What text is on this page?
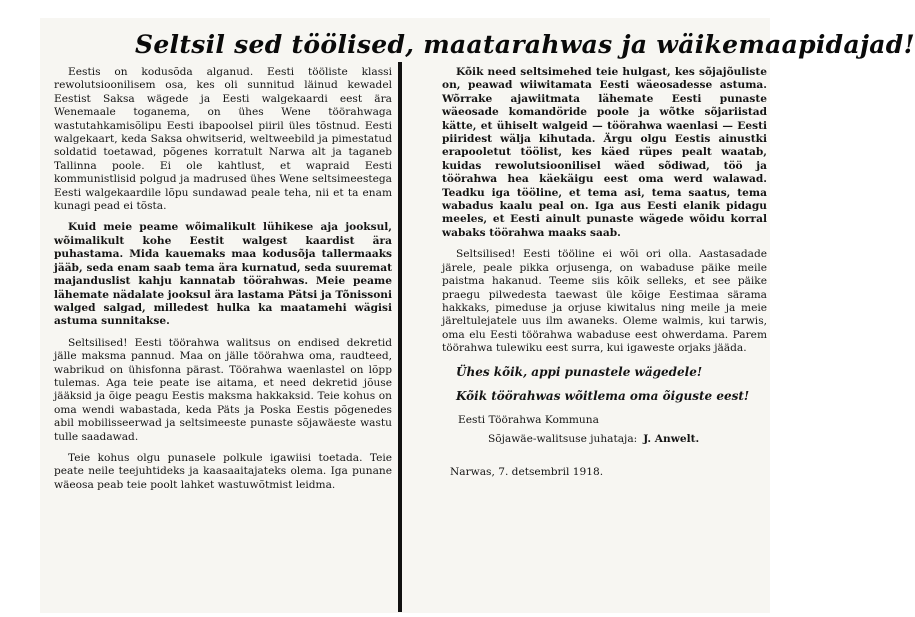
Seltsil sed töölised, maatarahwas ja wäikemaapidajad!

Eestis on kodusõda alganud. Eesti tööliste klassi rewolutsioonilisem osa, kes oli sunnitud läinud kewadel Eestist Saksa wägede ja Eesti walgekaardi eest ära Wenemaale toganema, on ühes Wene töörahwaga wastutahkamisõlipu Eesti ibapoolsel piiril üles tõstnud. Eesti walgekaart, keda Saksa ohwitserid, weltweebild ja pimestatud soldatid toetawad, põgenes korratult Narwa alt ja taganeb Tallinna poole. Ei ole kahtlust, et wapraid Eesti kommunistlisid polgud ja madrused ühes Wene seltsimeestega Eesti walgekaardile lõpu sundawad peale teha, nii et ta enam kunagi pead ei tõsta.

Kuid meie peame wõimalikult lühikese aja jooksul, wõimalikult kohe Eestit walgest kaardist ära puhastama. Mida kauemaks maa kodusõja tallermaaks jääb, seda enam saab tema ära kurnatud, seda suuremat majanduslist kahju kannatab töörahwas. Meie peame lähemate nädalate jooksul ära lastama Pätsi ja Tõnissoni walged salgad, milledest hulka ka maatamehi wägisi astuma sunnitakse.

Seltsilised! Eesti töörahwa walitsus on endised dekretid jälle maksma pannud. Maa on jälle töörahwa oma, raudteed, wabrikud on ühisfonna pärast. Töörahwa waenlastel on lõpp tulemas. Aga teie peate ise aitama, et need dekretid jõuse jääksid ja õige peagu Eestis maksma hakkaksid. Teie kohus on oma wendi wabastada, keda Päts ja Poska Eestis põgenedes abil mobilisseerwad ja seltsimeeste punaste sõjawäeste wastu tulle saadawad.

Teie kohus olgu punasele polkule igawiisi toetada. Teie peate neile teejuhtideks ja kaasaaitajateks olema. Iga punane wäeosa peab teie poolt lahket wastuwõtmist leidma.

Kõik need seltsimehed teie hulgast, kes sõjajõuliste on, peawad wiiwitamata Eesti wäeosadesse astuma. Wõrrake ajawiitmata lähemate Eesti punaste wäeosade komandöride poole ja wõtke sõjariistad kätte, et ühiselt walgeid — töörahwa waenlasi — Eesti piiridest wälja kihutada. Ärgu olgu Eestis ainustki erapooletut töölist, kes käed rüpes pealt waatab, kuidas rewolutsioonilisel wäed sõdiwad, töö ja töörahwa hea käekäigu eest oma werd walawad. Teadku iga tööline, et tema asi, tema saatus, tema wabadus kaalu peal on. Iga aus Eesti elanik pidagu meeles, et Eesti ainult punaste wägede wõidu korral wabaks töörahwa maaks saab.

Seltsilised! Eesti tööline ei wõi ori olla. Aastasadade järele, peale pikka orjusenga, on wabaduse päike meile paistma hakanud. Teeme siis kõik selleks, et see päike praegu pilwedesta taewast üle kõige Eestimaa särama hakkaks, pimeduse ja orjuse kiwitalus ning meile ja meie järeltulejatele uus ilm awaneks. Oleme walmis, kui tarwis, oma elu Eesti töörahwa wabaduse eest ohwerdama. Parem töörahwa tulewiku eest surra, kui igaweste orjaks jääda.

Ühes kõik, appi punastele wägedele!

Kõik töörahwas wõitlema oma õiguste eest!

Eesti Töörahwa Kommuna

Sõjawäe-walitsuse juhataja: J. Anwelt.

Narwas, 7. detsembril 1918.
